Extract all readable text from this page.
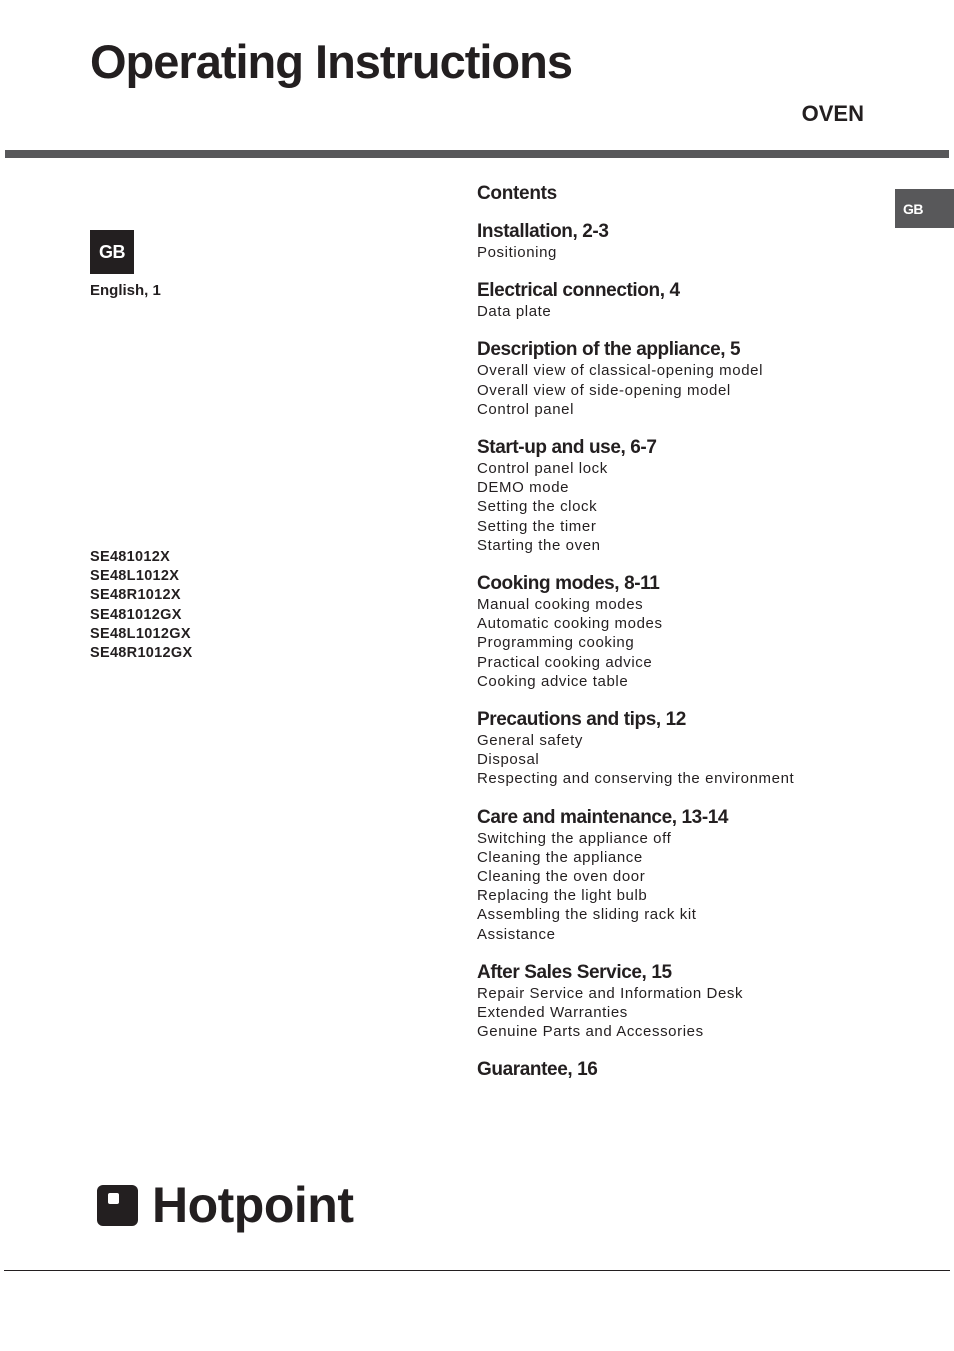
Operating Instructions
OVEN
GB
GB
English, 1
SE481012X
SE48L1012X
SE48R1012X
SE481012GX
SE48L1012GX
SE48R1012GX
Contents
Installation, 2-3
Positioning
Electrical connection, 4
Data plate
Description of the appliance, 5
Overall view of classical-opening model
Overall view of side-opening model
Control panel
Start-up and use, 6-7
Control panel lock
DEMO mode
Setting the clock
Setting the timer
Starting the oven
Cooking modes, 8-11
Manual cooking modes
Automatic cooking modes
Programming cooking
Practical cooking advice
Cooking advice table
Precautions and tips, 12
General safety
Disposal
Respecting and conserving the environment
Care and maintenance, 13-14
Switching the appliance off
Cleaning the appliance
Cleaning the oven door
Replacing the light bulb
Assembling the sliding rack kit
Assistance
After Sales Service, 15
Repair Service and Information Desk
Extended Warranties
Genuine Parts and Accessories
Guarantee, 16
Hotpoint
